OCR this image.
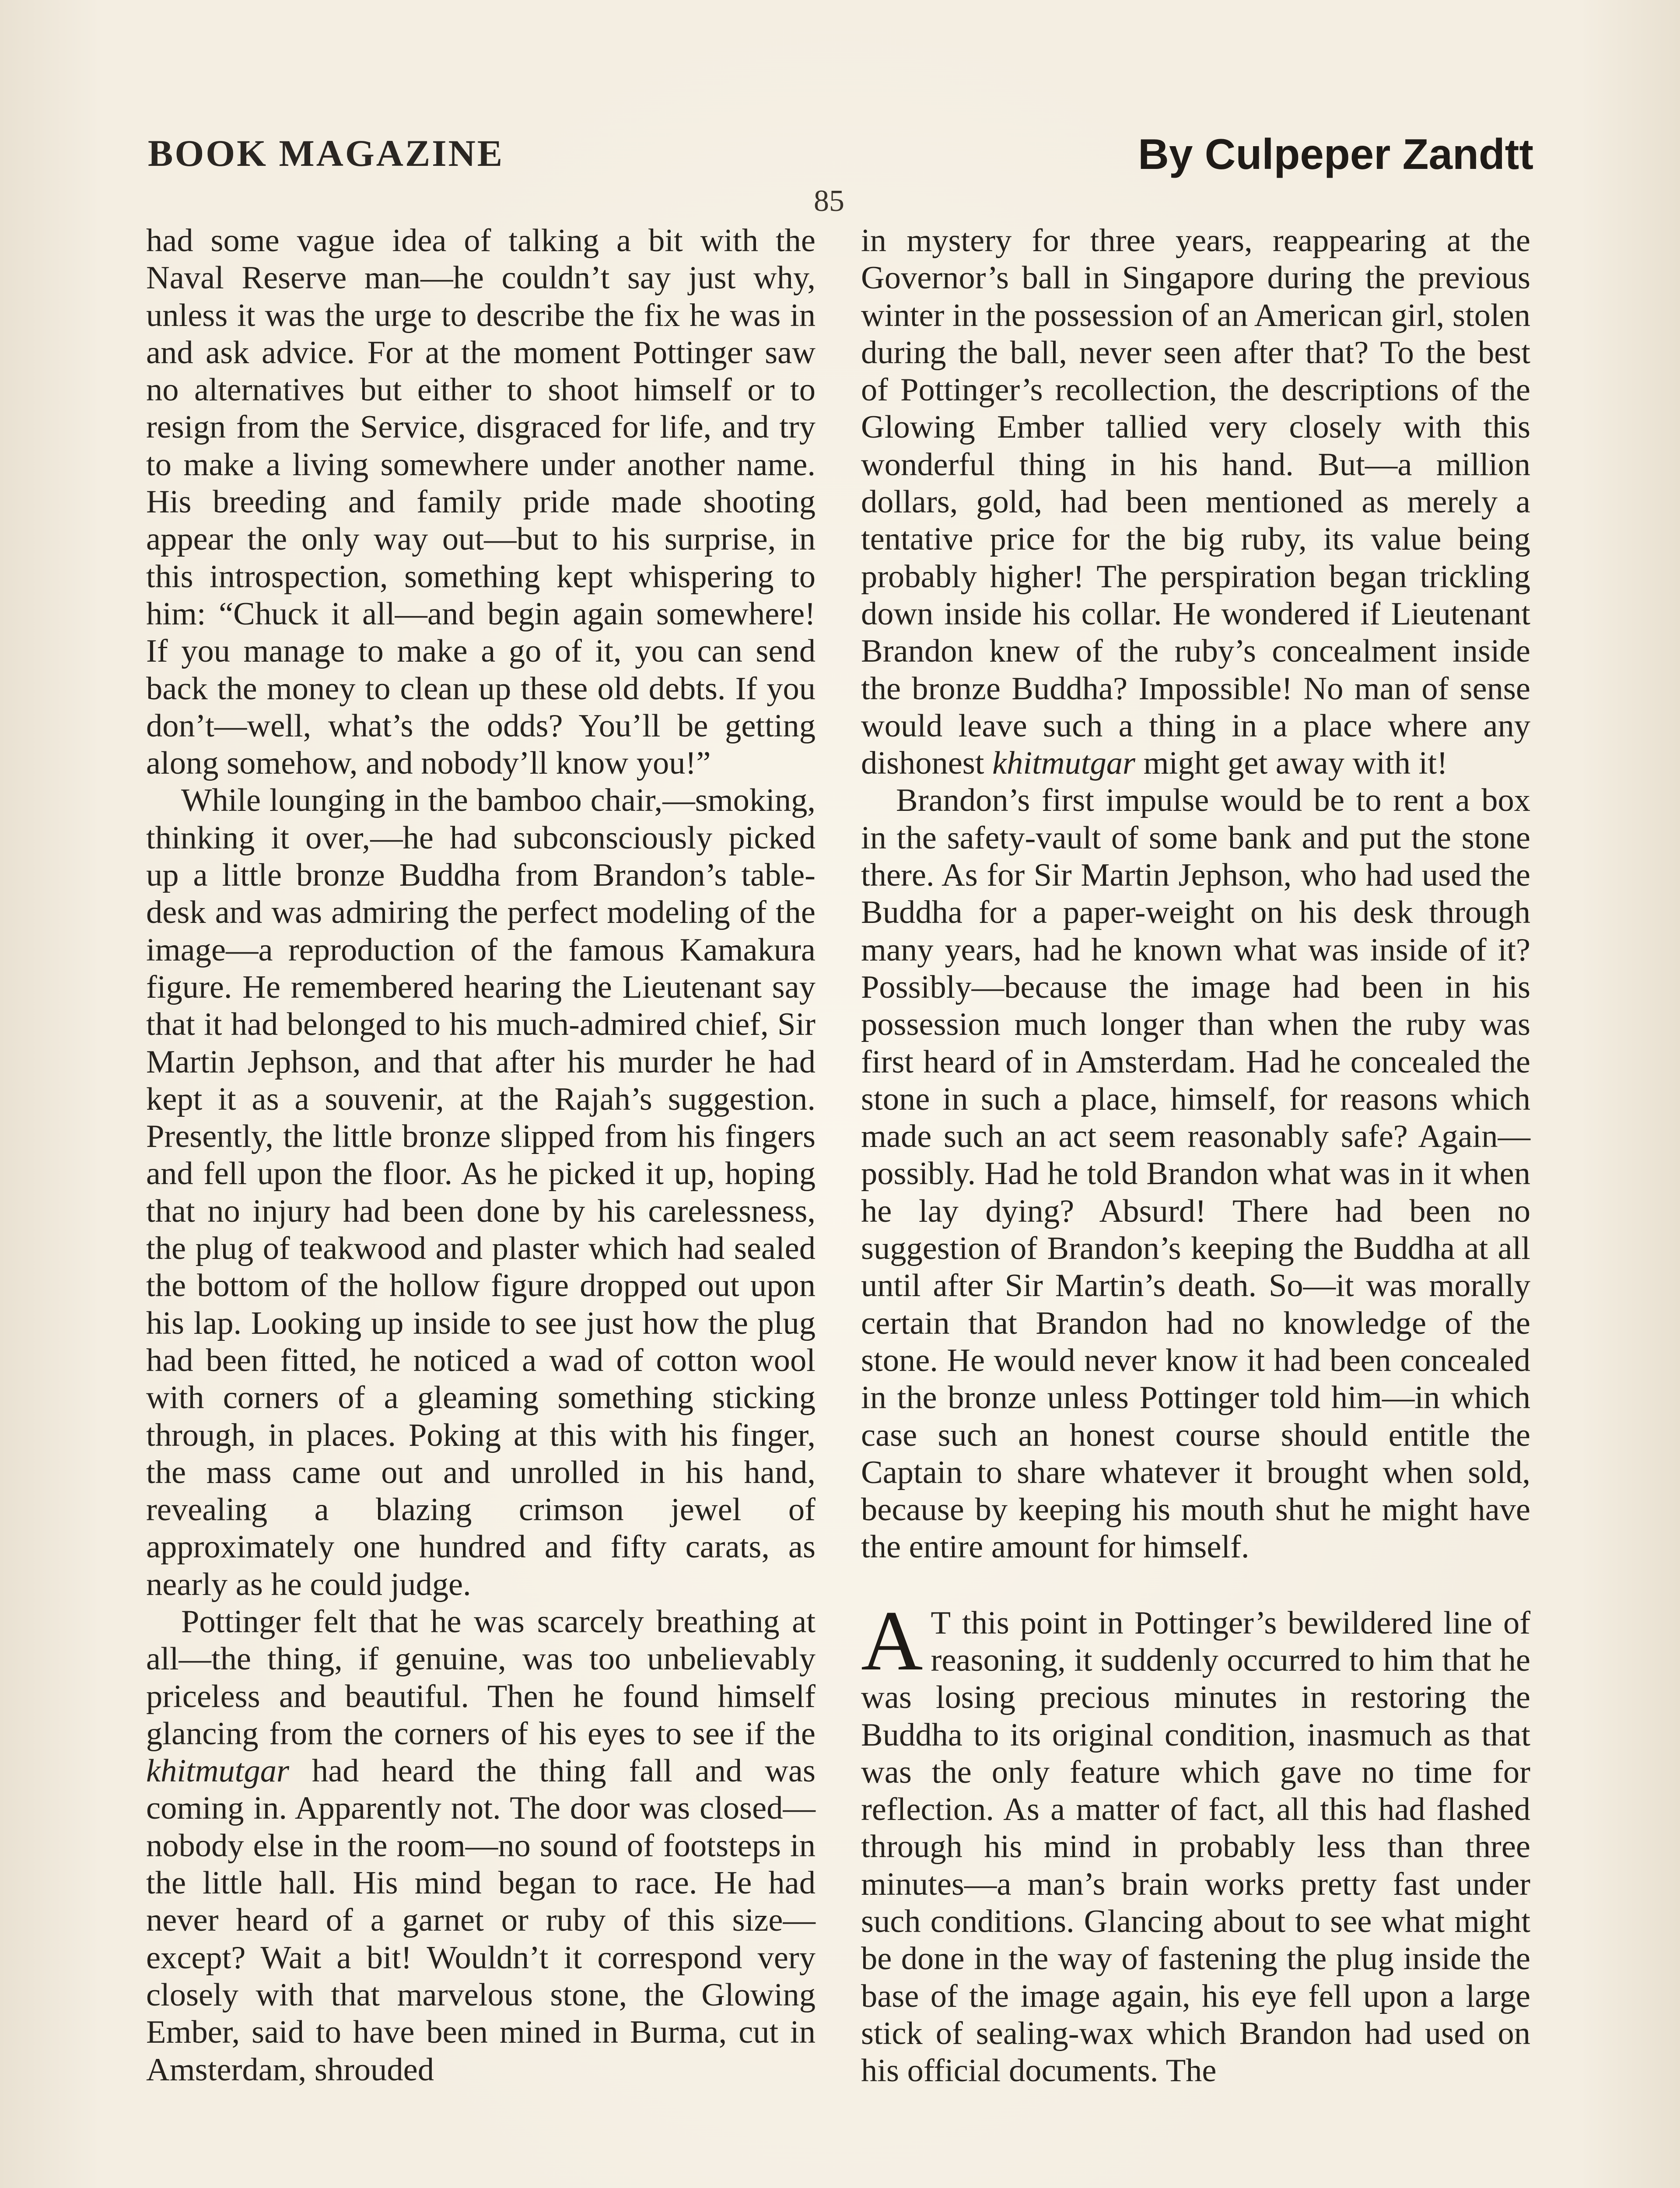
BOOK MAGAZINE	By Culpeper Zandtt
85

had some vague idea of talking a bit with the Naval Reserve man—he couldn’t say just why, unless it was the urge to describe the fix he was in and ask advice. For at the moment Pottinger saw no alternatives but either to shoot himself or to resign from the Service, disgraced for life, and try to make a living somewhere under another name. His breeding and family pride made shooting appear the only way out—but to his surprise, in this introspection, something kept whispering to him: “Chuck it all—and begin again somewhere! If you manage to make a go of it, you can send back the money to clean up these old debts. If you don’t—well, what’s the odds? You’ll be getting along somehow, and nobody’ll know you!”

While lounging in the bamboo chair,—smoking, thinking it over,—he had subconsciously picked up a little bronze Buddha from Brandon’s table-desk and was admiring the perfect modeling of the image—a reproduction of the famous Kamakura figure. He remembered hearing the Lieutenant say that it had belonged to his much-admired chief, Sir Martin Jephson, and that after his murder he had kept it as a souvenir, at the Rajah’s suggestion. Presently, the little bronze slipped from his fingers and fell upon the floor. As he picked it up, hoping that no injury had been done by his carelessness, the plug of teakwood and plaster which had sealed the bottom of the hollow figure dropped out upon his lap. Looking up inside to see just how the plug had been fitted, he noticed a wad of cotton wool with corners of a gleaming something sticking through, in places. Poking at this with his finger, the mass came out and unrolled in his hand, revealing a blazing crimson jewel of approximately one hundred and fifty carats, as nearly as he could judge.

Pottinger felt that he was scarcely breathing at all—the thing, if genuine, was too unbelievably priceless and beautiful. Then he found himself glancing from the corners of his eyes to see if the khitmutgar had heard the thing fall and was coming in. Apparently not. The door was closed—nobody else in the room—no sound of footsteps in the little hall. His mind began to race. He had never heard of a garnet or ruby of this size—except? Wait a bit! Wouldn’t it correspond very closely with that marvelous stone, the Glowing Ember, said to have been mined in Burma, cut in Amsterdam, shrouded

in mystery for three years, reappearing at the Governor’s ball in Singapore during the previous winter in the possession of an American girl, stolen during the ball, never seen after that? To the best of Pottinger’s recollection, the descriptions of the Glowing Ember tallied very closely with this wonderful thing in his hand. But—a million dollars, gold, had been mentioned as merely a tentative price for the big ruby, its value being probably higher! The perspiration began trickling down inside his collar. He wondered if Lieutenant Brandon knew of the ruby’s concealment inside the bronze Buddha? Impossible! No man of sense would leave such a thing in a place where any dishonest khitmutgar might get away with it!

Brandon’s first impulse would be to rent a box in the safety-vault of some bank and put the stone there. As for Sir Martin Jephson, who had used the Buddha for a paper-weight on his desk through many years, had he known what was inside of it? Possibly—because the image had been in his possession much longer than when the ruby was first heard of in Amsterdam. Had he concealed the stone in such a place, himself, for reasons which made such an act seem reasonably safe? Again—possibly. Had he told Brandon what was in it when he lay dying? Absurd! There had been no suggestion of Brandon’s keeping the Buddha at all until after Sir Martin’s death. So—it was morally certain that Brandon had no knowledge of the stone. He would never know it had been concealed in the bronze unless Pottinger told him—in which case such an honest course should entitle the Captain to share whatever it brought when sold, because by keeping his mouth shut he might have the entire amount for himself.

A T this point in Pottinger’s bewildered line of reasoning, it suddenly occurred to him that he was losing precious minutes in restoring the Buddha to its original condition, inasmuch as that was the only feature which gave no time for reflection. As a matter of fact, all this had flashed through his mind in probably less than three minutes—a man’s brain works pretty fast under such conditions. Glancing about to see what might be done in the way of fastening the plug inside the base of the image again, his eye fell upon a large stick of sealing-wax which Brandon had used on his official documents. The
